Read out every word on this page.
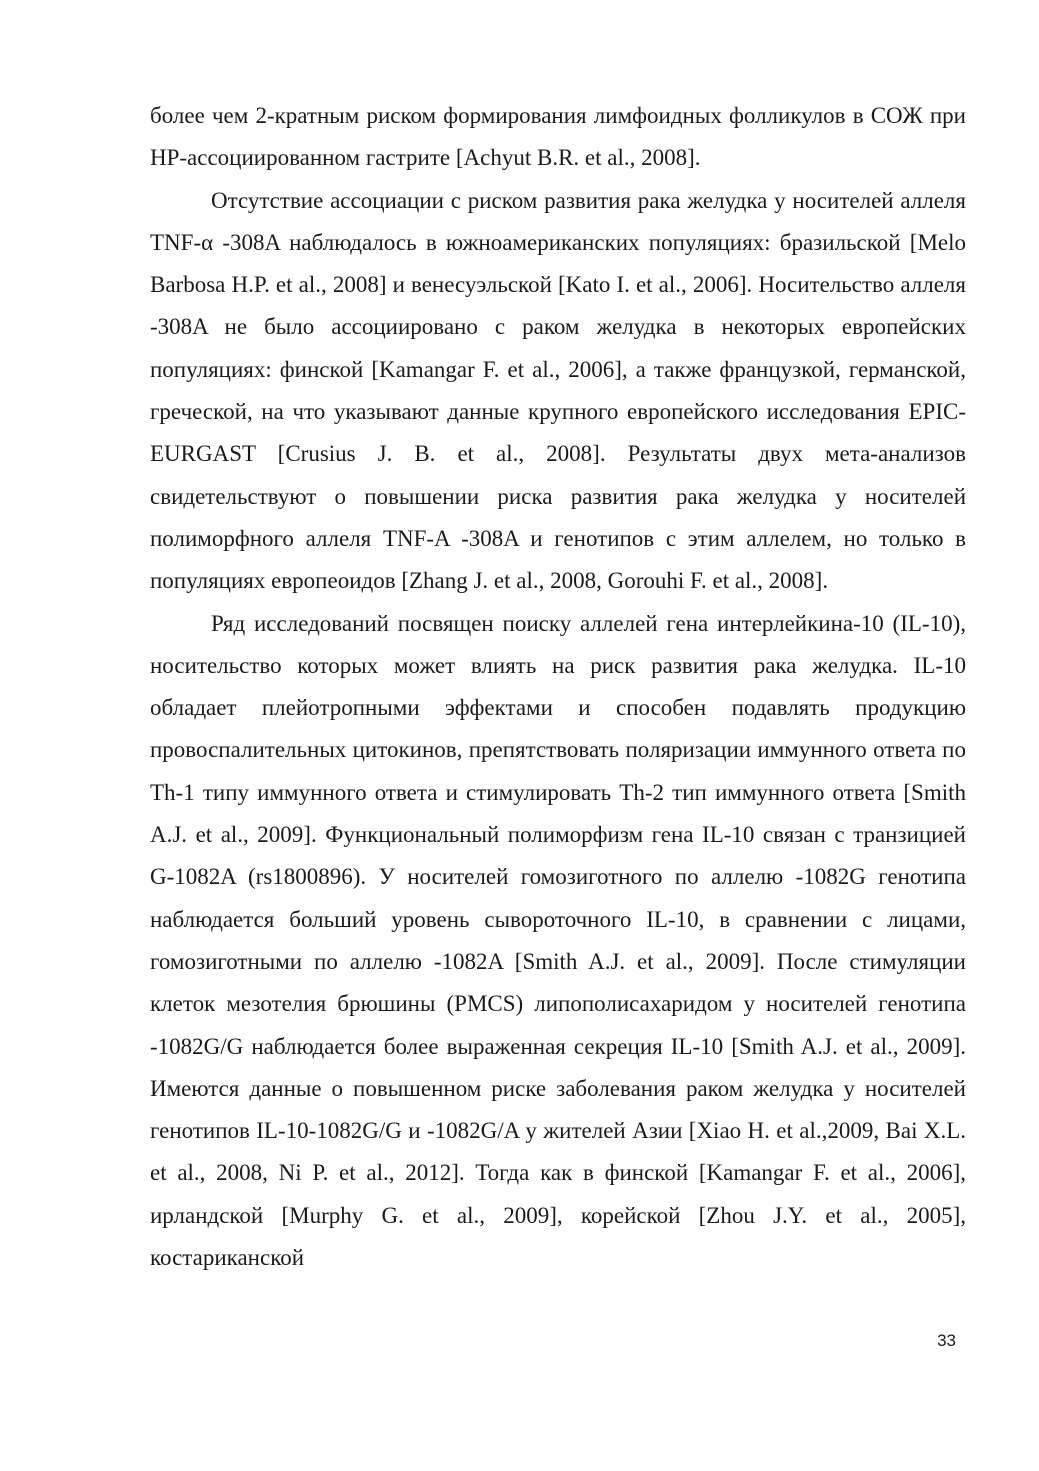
более чем 2-кратным риском формирования лимфоидных фолликулов в СОЖ при HP-ассоциированном гастрите [Achyut B.R. et al., 2008].

Отсутствие ассоциации с риском развития рака желудка у носителей аллеля TNF-α -308A наблюдалось в южноамериканских популяциях: бразильской [Melo Barbosa H.P. et al., 2008] и венесуэльской [Kato I. et al., 2006]. Носительство аллеля -308A не было ассоциировано с раком желудка в некоторых европейских популяциях: финской [Kamangar F. et al., 2006], а также французкой, германской, греческой, на что указывают данные крупного европейского исследования EPIC-EURGAST [Crusius J. B. et al., 2008]. Результаты двух мета-анализов свидетельствуют о повышении риска развития рака желудка у носителей полиморфного аллеля TNF-A -308A и генотипов с этим аллелем, но только в популяциях европеоидов [Zhang J. et al., 2008, Gorouhi F. et al., 2008].

Ряд исследований посвящен поиску аллелей гена интерлейкина-10 (IL-10), носительство которых может влиять на риск развития рака желудка. IL-10 обладает плейотропными эффектами и способен подавлять продукцию провоспалительных цитокинов, препятствовать поляризации иммунного ответа по Th-1 типу иммунного ответа и стимулировать Th-2 тип иммунного ответа [Smith A.J. et al., 2009]. Функциональный полиморфизм гена IL-10 связан с транзицией G-1082A (rs1800896). У носителей гомозиготного по аллелю -1082G генотипа наблюдается больший уровень сывороточного IL-10, в сравнении с лицами, гомозиготными по аллелю -1082A [Smith A.J. et al., 2009]. После стимуляции клеток мезотелия брюшины (PMCS) липополисахаридом у носителей генотипа -1082G/G наблюдается более выраженная секреция IL-10 [Smith A.J. et al., 2009]. Имеются данные о повышенном риске заболевания раком желудка у носителей генотипов IL-10-1082G/G и -1082G/A у жителей Азии [Xiao H. et al.,2009, Bai X.L. et al., 2008, Ni P. et al., 2012]. Тогда как в финской [Kamangar F. et al., 2006], ирландской [Murphy G. et al., 2009], корейской [Zhou J.Y. et al., 2005], костариканской

33
